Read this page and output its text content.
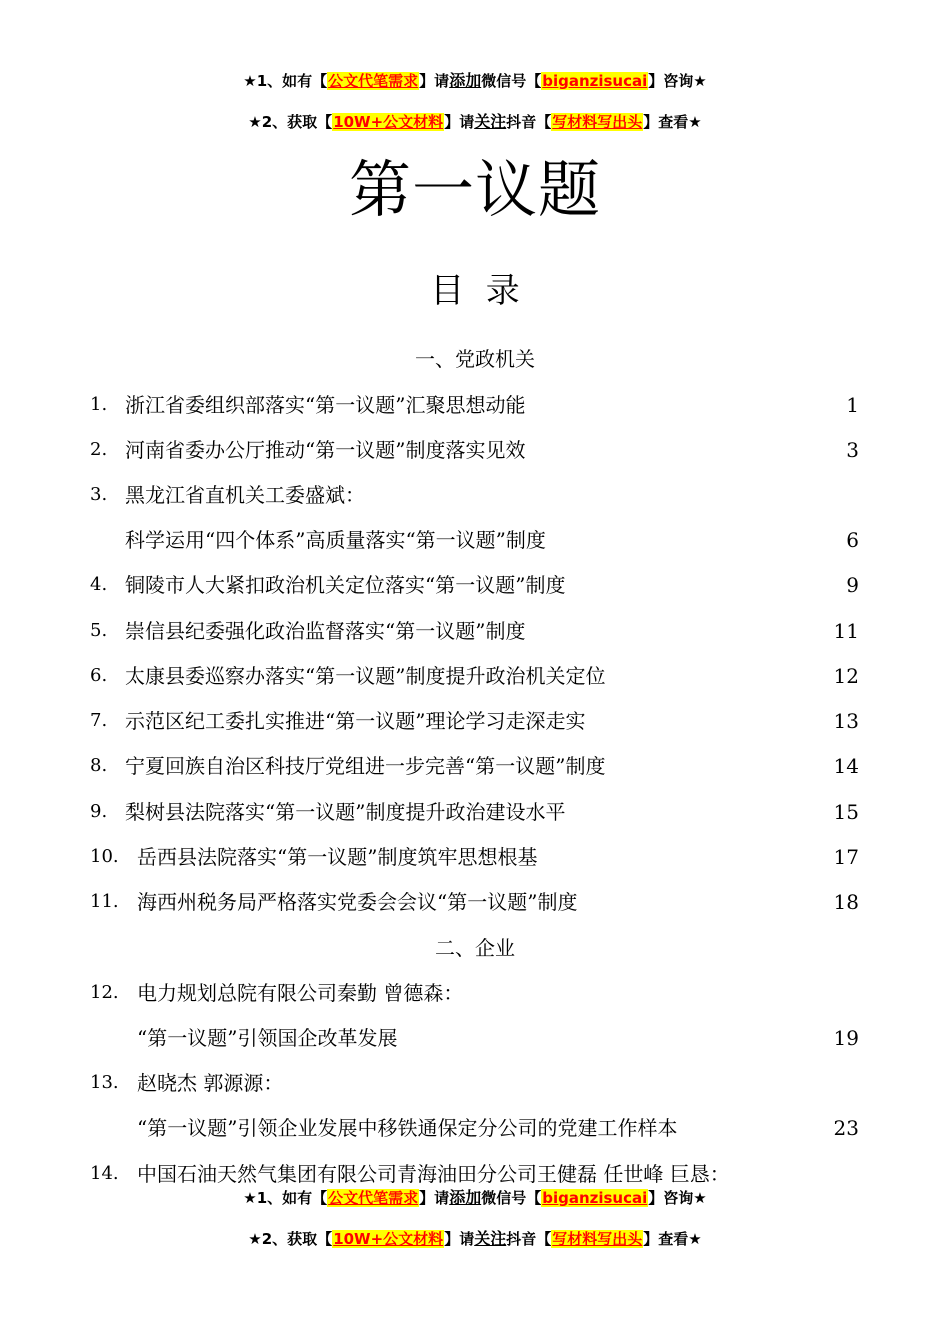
★1、如有【公文代笔需求】请添加微信号【biganzisucai】咨询★
★2、获取【10W+公文材料】请关注抖音【写材料写出头】查看★
第一议题
目  录
一、党政机关
1. 浙江省委组织部落实“第一议题”汇聚思想动能	1
2. 河南省委办公厅推动“第一议题”制度落实见效	3
3. 黑龙江省直机关工委盛斌：
科学运用“四个体系”高质量落实“第一议题”制度	6
4. 铜陵市人大紧扣政治机关定位落实“第一议题”制度	9
5. 崇信县纪委强化政治监督落实“第一议题”制度	11
6. 太康县委巡察办落实“第一议题”制度提升政治机关定位	12
7. 示范区纪工委扎实推进“第一议题”理论学习走深走实	13
8. 宁夏回族自治区科技厅党组进一步完善“第一议题”制度	14
9. 梨树县法院落实“第一议题”制度提升政治建设水平	15
10. 岳西县法院落实“第一议题”制度筑牢思想根基	17
11. 海西州税务局严格落实党委会会议“第一议题”制度	18
二、企业
12. 电力规划总院有限公司秦勤 曾德森：
“第一议题”引领国企改革发展	19
13. 赵晓杰 郭源源：
“第一议题”引领企业发展中移铁通保定分公司的党建工作样本	23
14. 中国石油天然气集团有限公司青海油田分公司王健磊 任世峰 巨恳：
★1、如有【公文代笔需求】请添加微信号【biganzisucai】咨询★
★2、获取【10W+公文材料】请关注抖音【写材料写出头】查看★
